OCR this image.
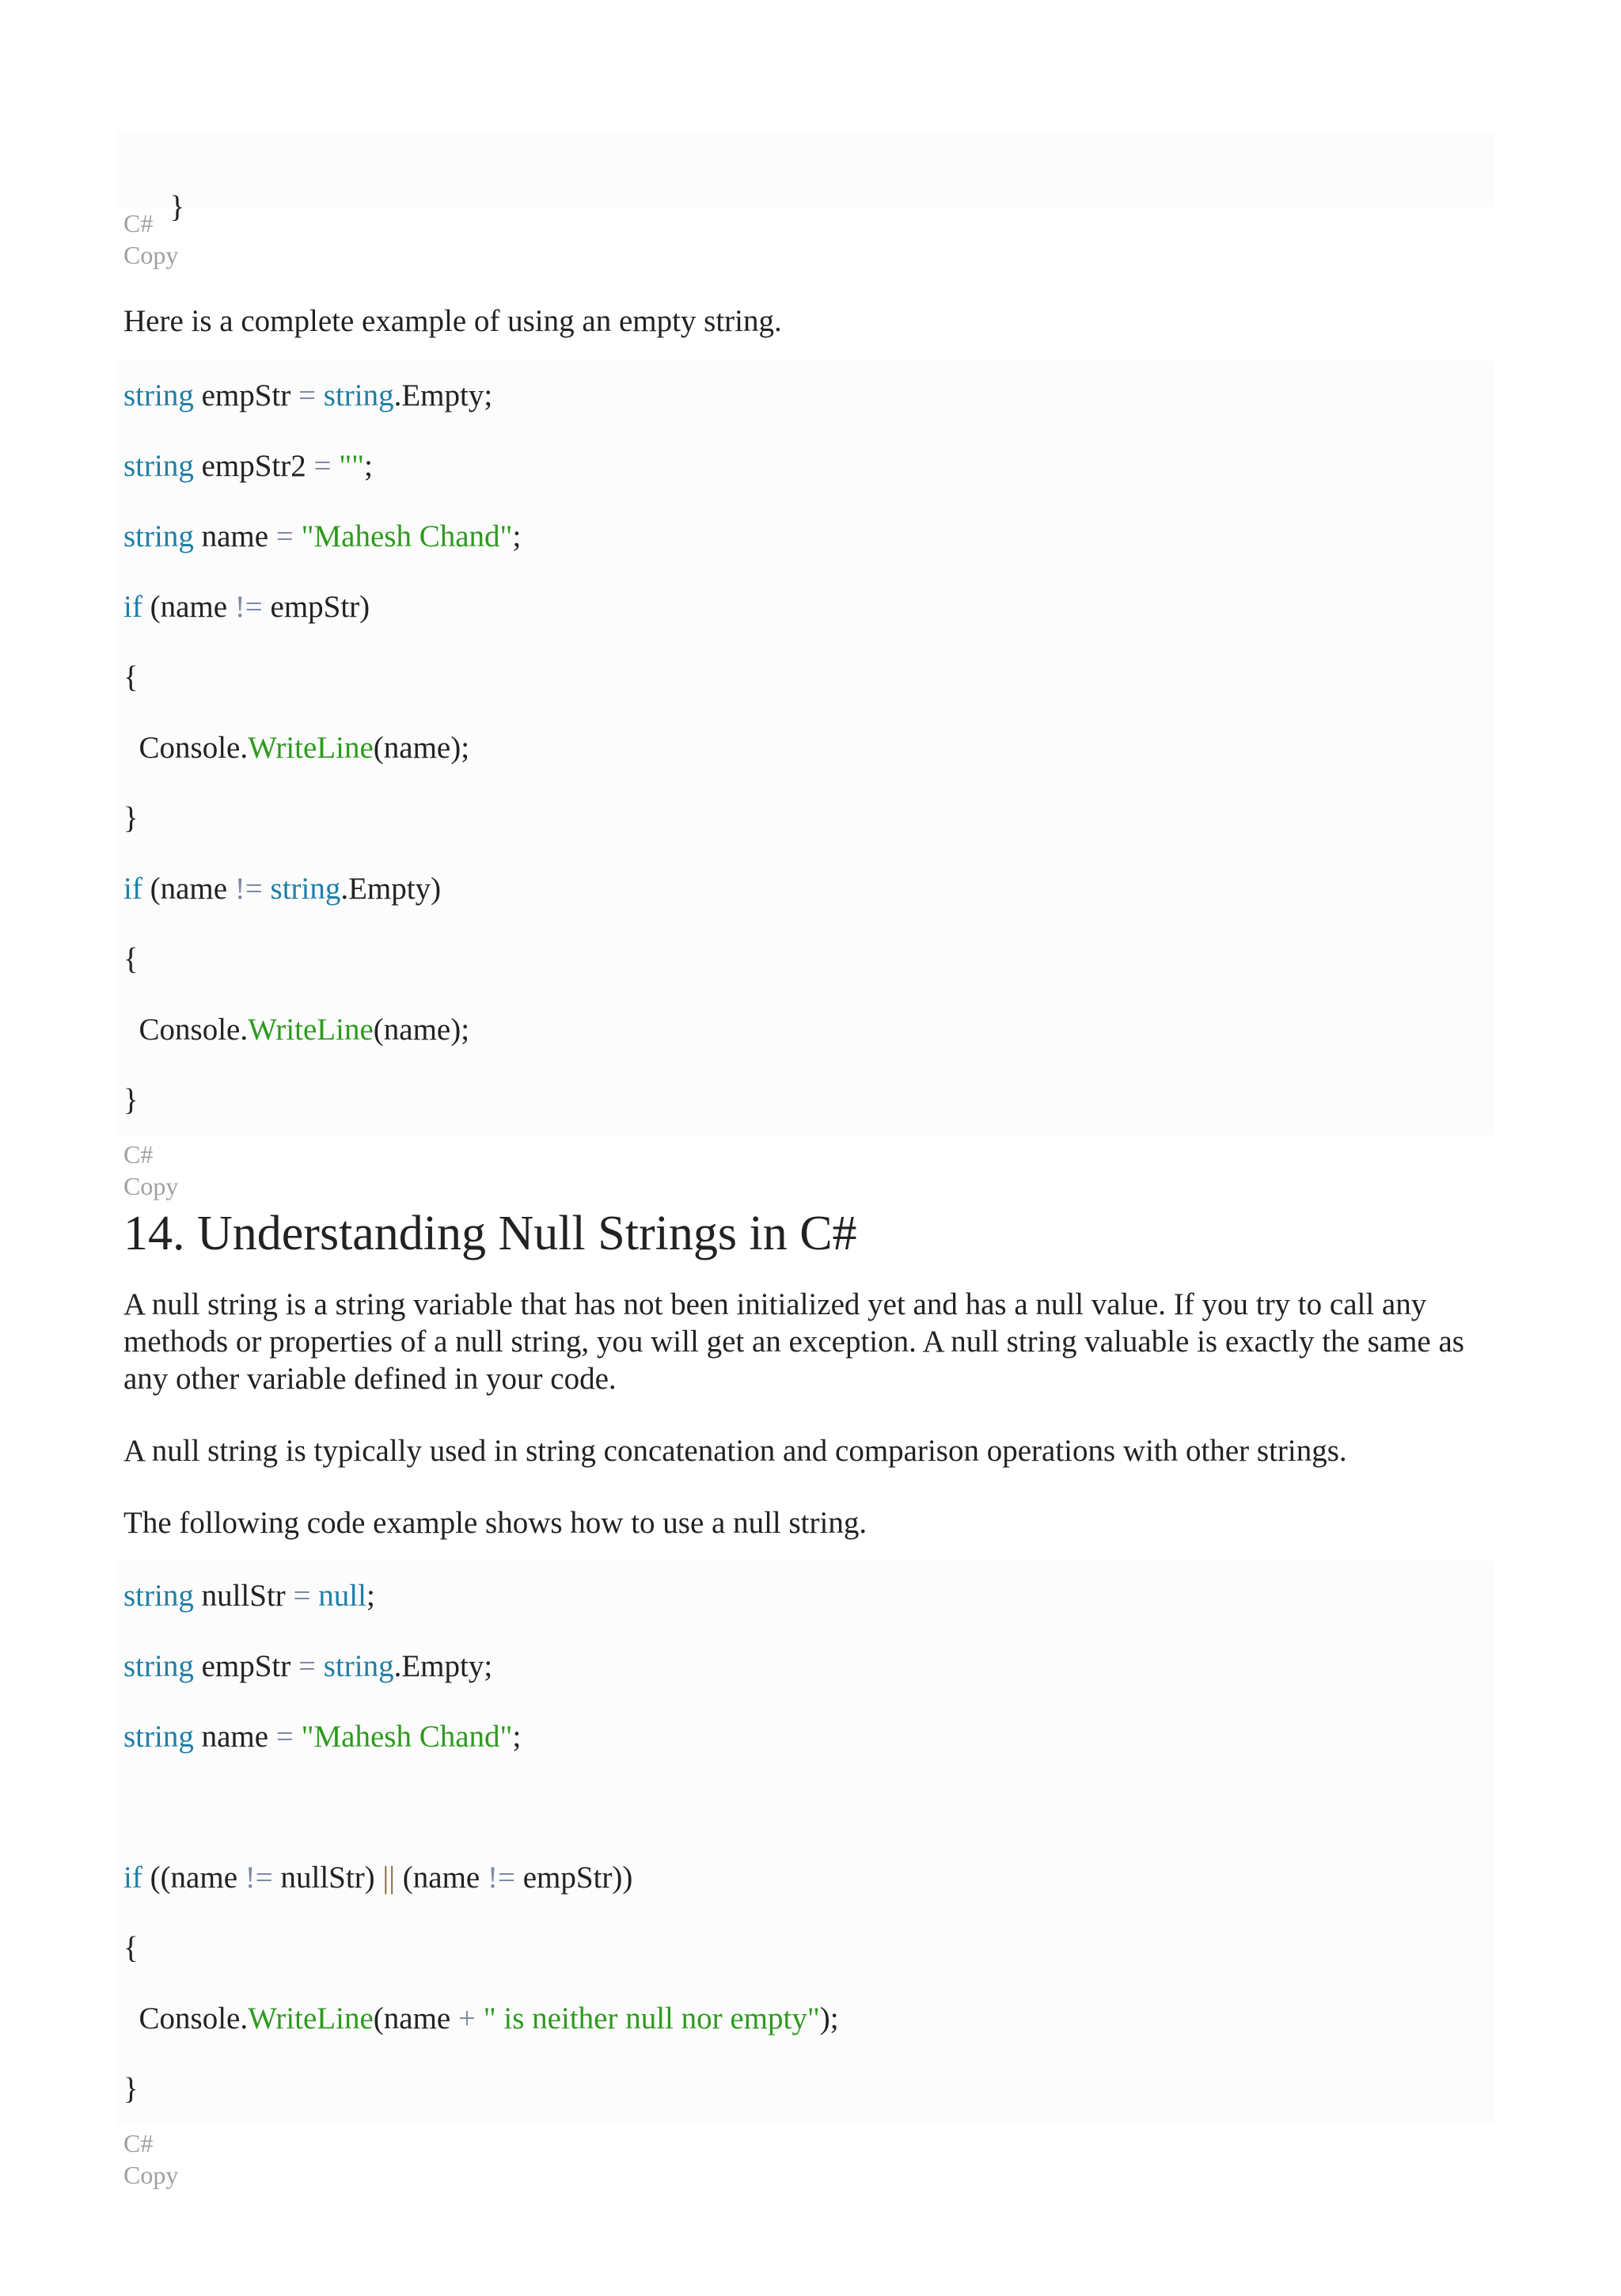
}

C#
Copy

Here is a complete example of using an empty string.

string empStr = string.Empty;
string empStr2 = "";
string name = "Mahesh Chand";
if (name != empStr)
{
Console.WriteLine(name);
}
if (name != string.Empty)
{
Console.WriteLine(name);
}
C#
Copy
14. Understanding Null Strings in C#

A null string is a string variable that has not been initialized yet and has a null value. If you try to call any methods or properties of a null string, you will get an exception. A null string valuable is exactly the same as any other variable defined in your code.

A null string is typically used in string concatenation and comparison operations with other strings.

The following code example shows how to use a null string.

string nullStr = null;
string empStr = string.Empty;
string name = "Mahesh Chand";

if ((name != nullStr) || (name != empStr))
{
Console.WriteLine(name + " is neither null nor empty");
}
C#
Copy
